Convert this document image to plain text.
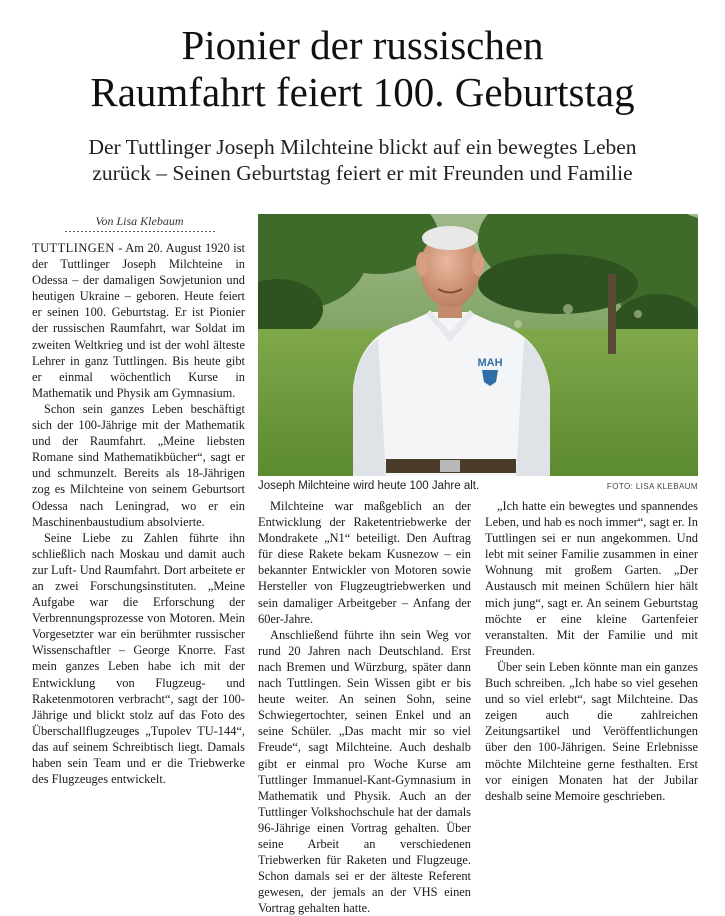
Pionier der russischen
Raumfahrt feiert 100. Geburtstag
Der Tuttlinger Joseph Milchteine blickt auf ein bewegtes Leben
zurück – Seinen Geburtstag feiert er mit Freunden und Familie
Von Lisa Klebaum
MAH
Joseph Milchteine wird heute 100 Jahre alt.	FOTO: LISA KLEBAUM

TUTTLINGEN - Am 20. August 1920 ist der Tuttlinger Joseph Milchteine in Odessa – der damaligen Sowjetunion und heutigen Ukraine – geboren. Heute feiert er seinen 100. Geburtstag. Er ist Pionier der russischen Raumfahrt, war Soldat im zweiten Weltkrieg und ist der wohl älteste Lehrer in ganz Tuttlingen. Bis heute gibt er einmal wöchentlich Kurse in Mathematik und Physik am Gymnasium.

Schon sein ganzes Leben beschäftigt sich der 100-Jährige mit der Mathematik und der Raumfahrt. „Meine liebsten Romane sind Mathematikbücher“, sagt er und schmunzelt. Bereits als 18-Jährigen zog es Milchteine von seinem Geburtsort Odessa nach Leningrad, wo er ein Maschinenbaustudium absolvierte.

Seine Liebe zu Zahlen führte ihn schließlich nach Moskau und damit auch zur Luft- Und Raumfahrt. Dort arbeitete er an zwei Forschungsinstituten. „Meine Aufgabe war die Erforschung der Verbrennungsprozesse von Motoren. Mein Vorgesetzter war ein berühmter russischer Wissenschaftler – George Knorre. Fast mein ganzes Leben habe ich mit der Entwicklung von Flugzeug- und Raketenmotoren verbracht“, sagt der 100-Jährige und blickt stolz auf das Foto des Überschallflugzeuges „Tupolev TU-144“, das auf seinem Schreibtisch liegt. Damals haben sein Team und er die Triebwerke des Flugzeuges entwickelt.

Milchteine war maßgeblich an der Entwicklung der Raketentriebwerke der Mondrakete „N1“ beteiligt. Den Auftrag für diese Rakete bekam Kusnezow – ein bekannter Entwickler von Motoren sowie Hersteller von Flugzeugtriebwerken und sein damaliger Arbeitgeber – Anfang der 60er-Jahre.

Anschließend führte ihn sein Weg vor rund 20 Jahren nach Deutschland. Erst nach Bremen und Würzburg, später dann nach Tuttlingen. Sein Wissen gibt er bis heute weiter. An seinen Sohn, seine Schwiegertochter, seinen Enkel und an seine Schüler. „Das macht mir so viel Freude“, sagt Milchteine. Auch deshalb gibt er einmal pro Woche Kurse am Tuttlinger Immanuel-Kant-Gymnasium in Mathematik und Physik. Auch an der Tuttlinger Volkshochschule hat der damals 96-Jährige einen Vortrag gehalten. Über seine Arbeit an verschiedenen Triebwerken für Raketen und Flugzeuge. Schon damals sei er der älteste Referent gewesen, der jemals an der VHS einen Vortrag gehalten hatte.

„Ich hatte ein bewegtes und spannendes Leben, und hab es noch immer“, sagt er. In Tuttlingen sei er nun angekommen. Und lebt mit seiner Familie zusammen in einer Wohnung mit großem Garten. „Der Austausch mit meinen Schülern hier hält mich jung“, sagt er. An seinem Geburtstag möchte er eine kleine Gartenfeier veranstalten. Mit der Familie und mit Freunden.

Über sein Leben könnte man ein ganzes Buch schreiben. „Ich habe so viel gesehen und so viel erlebt“, sagt Milchteine. Das zeigen auch die zahlreichen Zeitungsartikel und Veröffentlichungen über den 100-Jährigen. Seine Erlebnisse möchte Milchteine gerne festhalten. Erst vor einigen Monaten hat der Jubilar deshalb seine Memoire geschrieben.
